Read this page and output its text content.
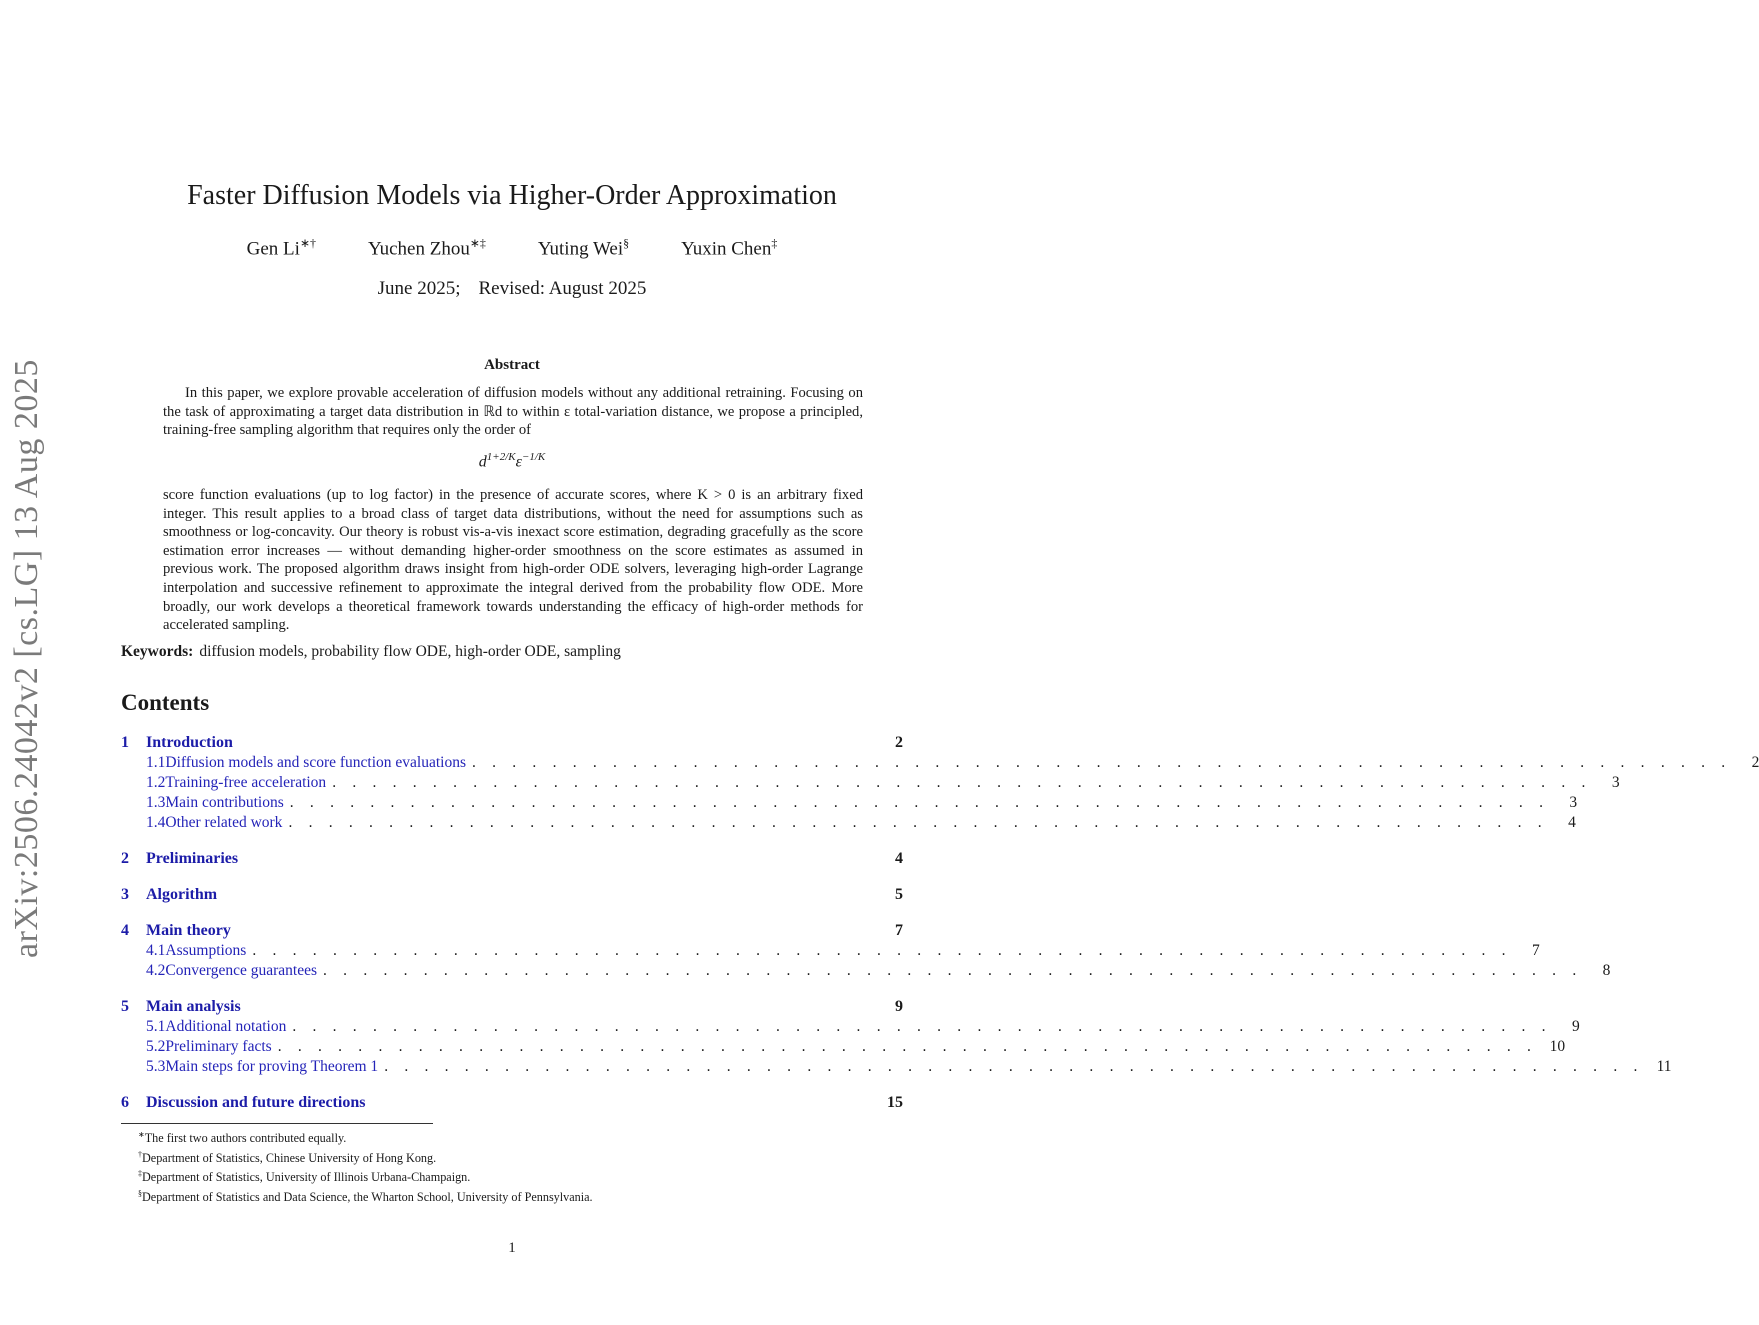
arXiv:2506.24042v2 [cs.LG] 13 Aug 2025
Faster Diffusion Models via Higher-Order Approximation
Gen Li∗†	Yuchen Zhou∗‡	Yuting Wei§	Yuxin Chen‡
June 2025; Revised: August 2025
Abstract
In this paper, we explore provable acceleration of diffusion models without any additional retraining. Focusing on the task of approximating a target data distribution in ℝd to within ε total-variation distance, we propose a principled, training-free sampling algorithm that requires only the order of
$d^{1+2/K}\varepsilon^{-1/K}$
score function evaluations (up to log factor) in the presence of accurate scores, where K > 0 is an arbitrary fixed integer. This result applies to a broad class of target data distributions, without the need for assumptions such as smoothness or log-concavity. Our theory is robust vis-a-vis inexact score estimation, degrading gracefully as the score estimation error increases — without demanding higher-order smoothness on the score estimates as assumed in previous work. The proposed algorithm draws insight from high-order ODE solvers, leveraging high-order Lagrange interpolation and successive refinement to approximate the integral derived from the probability flow ODE. More broadly, our work develops a theoretical framework towards understanding the efficacy of high-order methods for accelerated sampling.
Keywords: diffusion models, probability flow ODE, high-order ODE, sampling
Contents
1	Introduction	2
1.1 Diffusion models and score function evaluations . . . . . . . . . . . . . . . . . . . . . . . . . . . . . . . . . . . . . . . . . . . . . . . . . . . . . . . . . . . . . . .	2
1.2 Training-free acceleration . . . . . . . . . . . . . . . . . . . . . . . . . . . . . . . . . . . . . . . . . . . . . . . . . . . . . . . . . . . . . . .	3
1.3 Main contributions . . . . . . . . . . . . . . . . . . . . . . . . . . . . . . . . . . . . . . . . . . . . . . . . . . . . . . . . . . . . . . .	3
1.4 Other related work . . . . . . . . . . . . . . . . . . . . . . . . . . . . . . . . . . . . . . . . . . . . . . . . . . . . . . . . . . . . . . .	4
2	Preliminaries	4
3	Algorithm	5
4	Main theory	7
4.1 Assumptions . . . . . . . . . . . . . . . . . . . . . . . . . . . . . . . . . . . . . . . . . . . . . . . . . . . . . . . . . . . . . . .	7
4.2 Convergence guarantees . . . . . . . . . . . . . . . . . . . . . . . . . . . . . . . . . . . . . . . . . . . . . . . . . . . . . . . . . . . . . . .	8
5	Main analysis	9
5.1 Additional notation . . . . . . . . . . . . . . . . . . . . . . . . . . . . . . . . . . . . . . . . . . . . . . . . . . . . . . . . . . . . . . .	9
5.2 Preliminary facts . . . . . . . . . . . . . . . . . . . . . . . . . . . . . . . . . . . . . . . . . . . . . . . . . . . . . . . . . . . . . . . 10
5.3 Main steps for proving Theorem 1 . . . . . . . . . . . . . . . . . . . . . . . . . . . . . . . . . . . . . . . . . . . . . . . . . . . . . . . . . . . . . . . 11
6	Discussion and future directions	15
∗The first two authors contributed equally.
†Department of Statistics, Chinese University of Hong Kong.
‡Department of Statistics, University of Illinois Urbana-Champaign.
§Department of Statistics and Data Science, the Wharton School, University of Pennsylvania.
1
